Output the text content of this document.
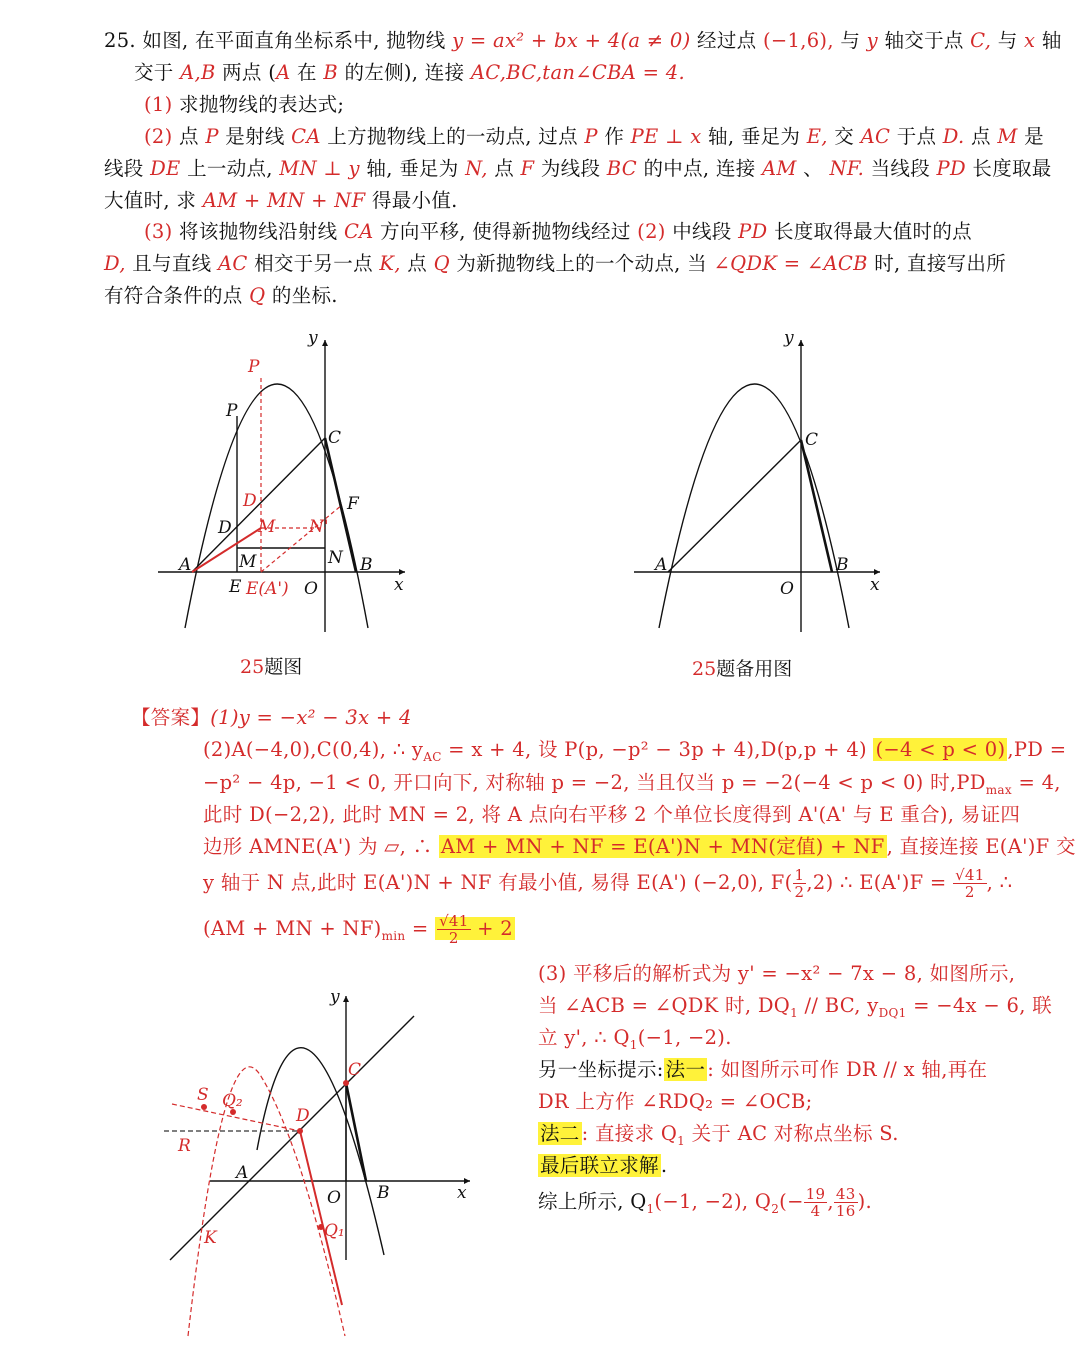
25. 如图, 在平面直角坐标系中, 抛物线 y = ax² + bx + 4(a ≠ 0) 经过点 (−1,6), 与 y 轴交于点 C, 与 x 轴
交于 A,B 两点 (A 在 B 的左侧), 连接 AC,BC,tan∠CBA = 4.
(1) 求抛物线的表达式;
(2) 点 P 是射线 CA 上方抛物线上的一动点, 过点 P 作 PE ⊥ x 轴, 垂足为 E, 交 AC 于点 D. 点 M 是
线段 DE 上一动点, MN ⊥ y 轴, 垂足为 N, 点 F 为线段 BC 的中点, 连接 AM 、 NF. 当线段 PD 长度取最
大值时, 求 AM + MN + NF 得最小值.
(3) 将该抛物线沿射线 CA 方向平移, 使得新抛物线经过 (2) 中线段 PD 长度取得最大值时的点
D, 且与直线 AC 相交于另一点 K, 点 Q 为新抛物线上的一个动点, 当 ∠QDK = ∠ACB 时, 直接写出所
有符合条件的点 Q 的坐标.
y
x
O
A	B
C
D
E
P
M	N
F
P
D
M N'
E(A')
25题图
y
x
O
A	B
C
25题备用图
【答案】(1)y = −x² − 3x + 4
(2)A(−4,0),C(0,4), ∴ $y_{AC} = x + 4$, 设 P(p, −p² − 3p + 4),D(p,p + 4) (−4 < p < 0) ,PD =
−p² − 4p, −1 < 0, 开口向下, 对称轴 p = −2, 当且仅当 p = −2(−4 < p < 0) 时$,PD_{max} = 4$,
此时 D(−2,2), 此时 MN = 2, 将 A 点向右平移 2 个单位长度得到 A'(A' 与 E 重合), 易证四
边形 AMNE(A') 为 ▱, ∴ AM + MN + NF = E(A')N + MN(定值) + NF , 直接连接 E(A')F 交
y 轴于 N 点,此时 E(A')N + NF 有最小值, 易得 E(A') (−2,0), $F( \frac{1}{2} ,2)$ ∴ $E(A')F = \frac{√41}{2}$ , ∴
(AM + MN + $NF)_{min} = \frac{√41}{2} + 2$
(3) 平移后的解析式为 y' = −x² − 7x − 8, 如图所示,
当 ∠ACB = ∠QDK 时, $DQ_1$ // BC, $y_{DQ1} = -4x - 6$, 联
立 y', ∴ $Q_1(-1$, −2).
另一坐标提示: 法一 : 如图所示可作 DR // x 轴,再在
DR 上方作 ∠RDQ₂ = ∠OCB;
法二 : 直接求 $Q_1$ 关于 AC 对称点坐标 S.
最后联立求解 .
综上所示, $Q_1(-1$, −2), $Q_2(- \frac{19}{4}$ , $\frac{43}{16}$ ).
y
x
O
A
B
C
D
S Q₂
R
K	Q₁
